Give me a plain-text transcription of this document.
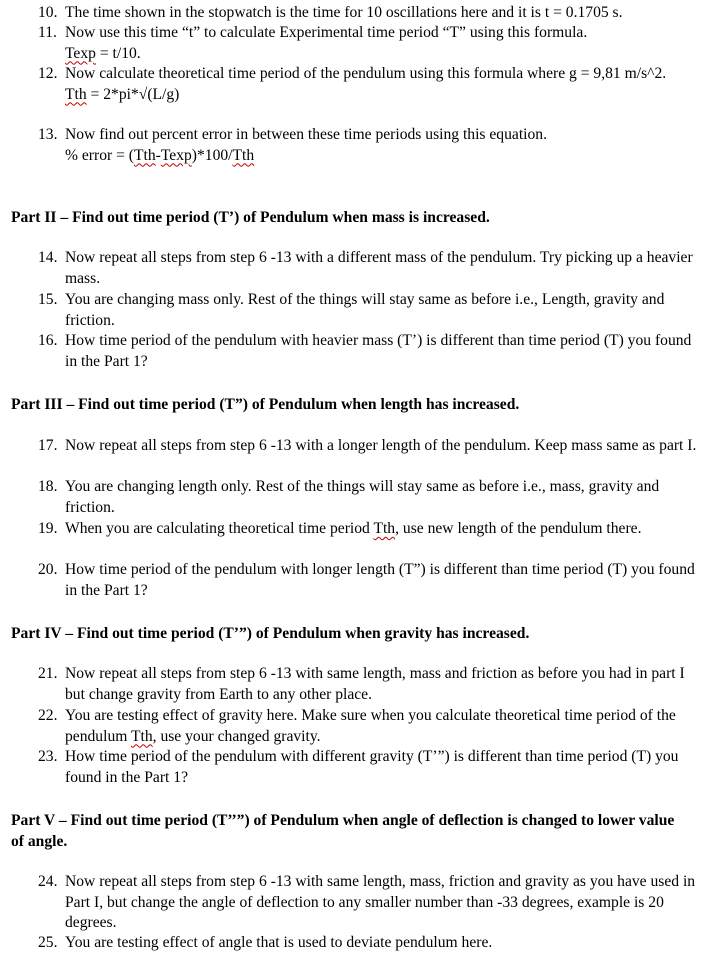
10. The time shown in the stopwatch is the time for 10 oscillations here and it is t = 0.1705 s.
11. Now use this time “t” to calculate Experimental time period “T” using this formula.
Texp = t/10.
12. Now calculate theoretical time period of the pendulum using this formula where g = 9,81 m/s^2.
Tth = 2*pi*√(L/g)
13. Now find out percent error in between these time periods using this equation.
% error = (Tth-Texp)*100/Tth
Part II – Find out time period (T’) of Pendulum when mass is increased.
14. Now repeat all steps from step 6 -13 with a different mass of the pendulum. Try picking up a heavier mass.
15. You are changing mass only. Rest of the things will stay same as before i.e., Length, gravity and friction.
16. How time period of the pendulum with heavier mass (T’) is different than time period (T) you found in the Part 1?
Part III – Find out time period (T”) of Pendulum when length has increased.
17. Now repeat all steps from step 6 -13 with a longer length of the pendulum. Keep mass same as part I.
18. You are changing length only. Rest of the things will stay same as before i.e., mass, gravity and friction.
19. When you are calculating theoretical time period Tth, use new length of the pendulum there.
20. How time period of the pendulum with longer length (T”) is different than time period (T) you found in the Part 1?
Part IV – Find out time period (T’”) of Pendulum when gravity has increased.
21. Now repeat all steps from step 6 -13 with same length, mass and friction as before you had in part I but change gravity from Earth to any other place.
22. You are testing effect of gravity here. Make sure when you calculate theoretical time period of the pendulum Tth, use your changed gravity.
23. How time period of the pendulum with different gravity (T’”) is different than time period (T) you found in the Part 1?
Part V – Find out time period (T’’”) of Pendulum when angle of deflection is changed to lower value of angle.
24. Now repeat all steps from step 6 -13 with same length, mass, friction and gravity as you have used in Part I, but change the angle of deflection to any smaller number than -33 degrees, example is 20 degrees.
25. You are testing effect of angle that is used to deviate pendulum here.
